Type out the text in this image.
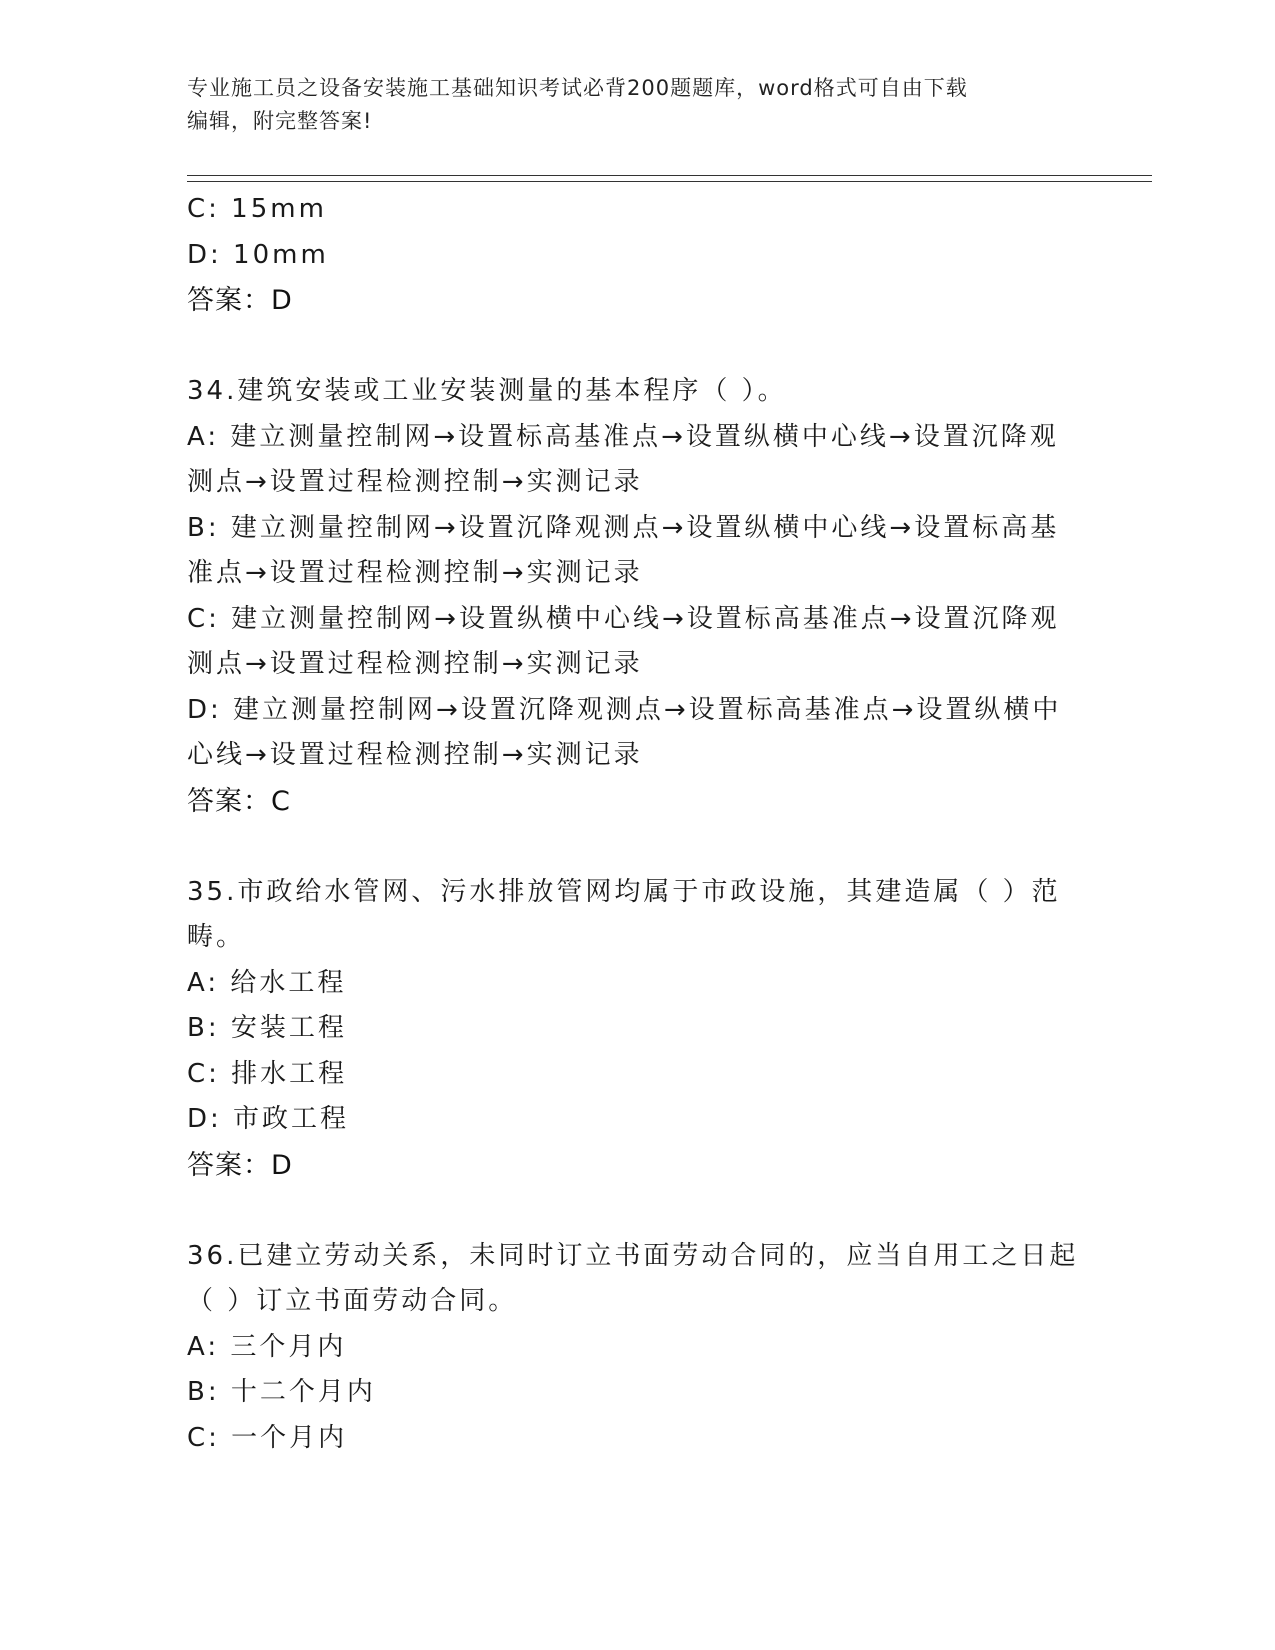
专业施工员之设备安装施工基础知识考试必背200题题库，word格式可自由下载
编辑，附完整答案!
C: 15mm
D: 10mm
答案：D
34.建筑安装或工业安装测量的基本程序（ ）。
A: 建立测量控制网→设置标高基准点→设置纵横中心线→设置沉降观
测点→设置过程检测控制→实测记录
B: 建立测量控制网→设置沉降观测点→设置纵横中心线→设置标高基
准点→设置过程检测控制→实测记录
C: 建立测量控制网→设置纵横中心线→设置标高基准点→设置沉降观
测点→设置过程检测控制→实测记录
D: 建立测量控制网→设置沉降观测点→设置标高基准点→设置纵横中
心线→设置过程检测控制→实测记录
答案：C
35.市政给水管网、污水排放管网均属于市政设施，其建造属（ ）范
畴。
A: 给水工程
B: 安装工程
C: 排水工程
D: 市政工程
答案：D
36.已建立劳动关系，未同时订立书面劳动合同的，应当自用工之日起
（ ）订立书面劳动合同。
A: 三个月内
B: 十二个月内
C: 一个月内
